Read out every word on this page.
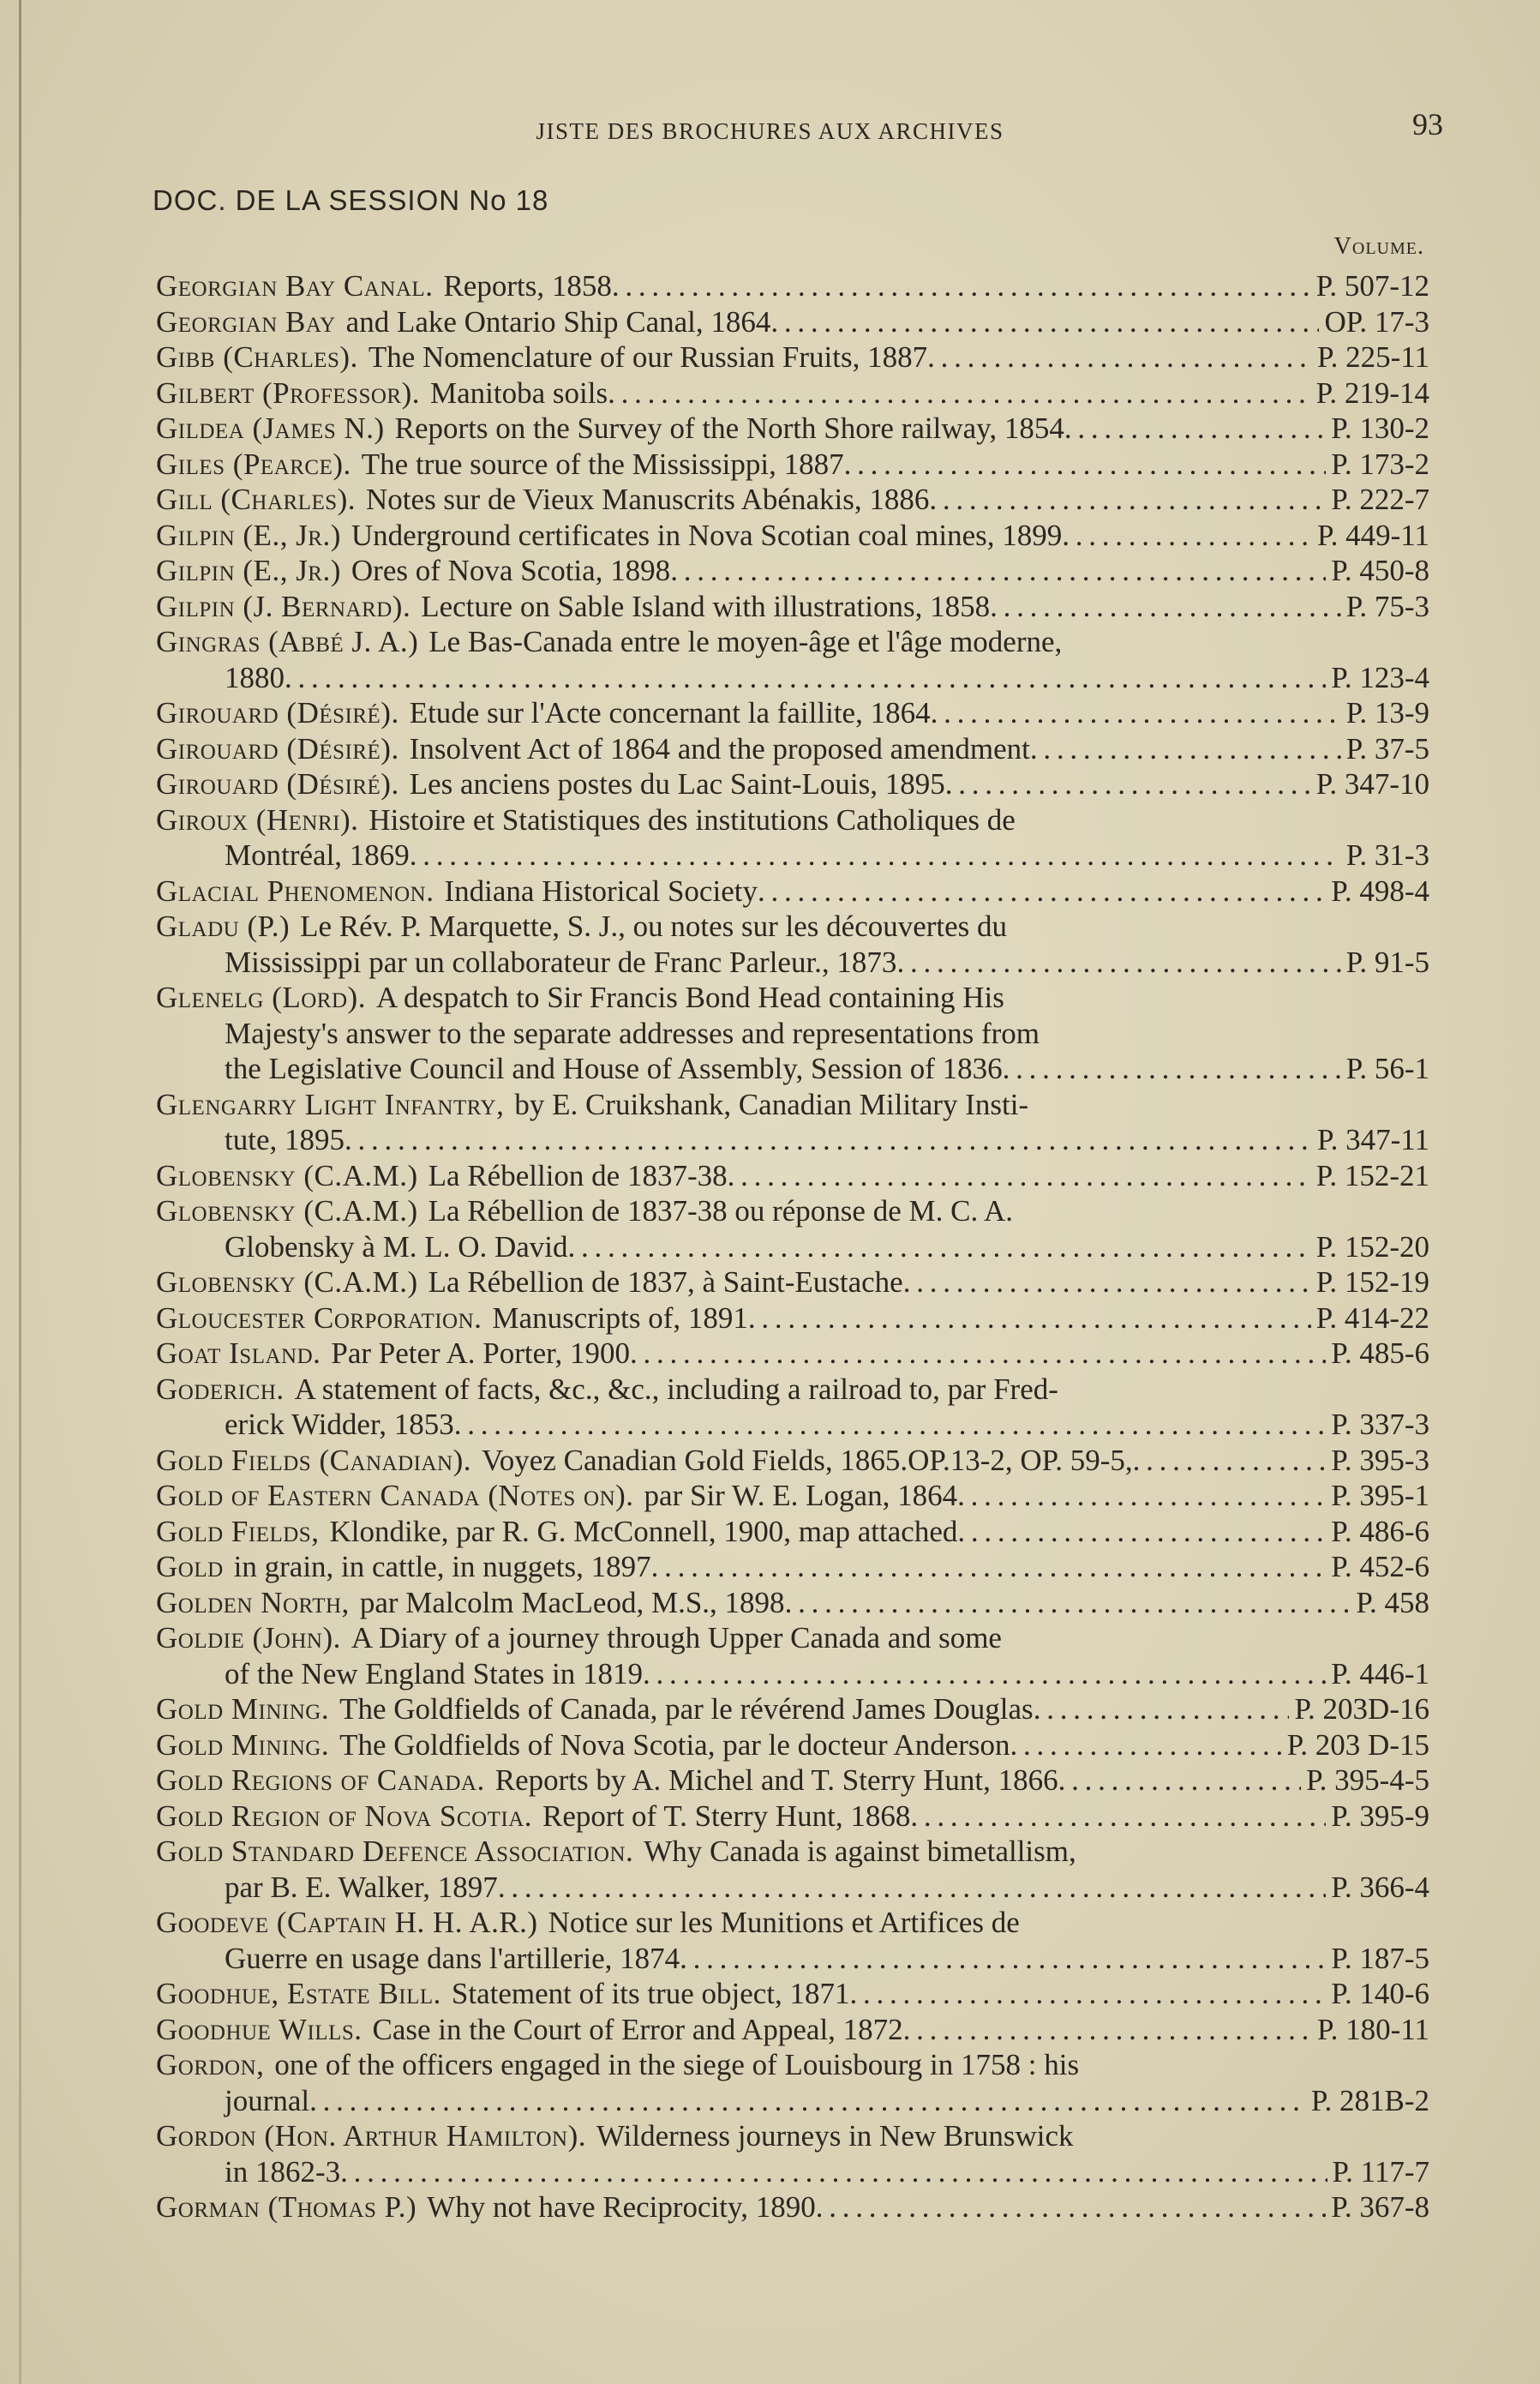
JISTE DES BROCHURES AUX ARCHIVES	93
DOC. DE LA SESSION No 18
Volume.
Georgian Bay Canal. Reports, 1858 . . .	P. 507-12
Georgian Bay and Lake Ontario Ship Canal, 1864 . . .	OP. 17-3
Gibb (Charles). The Nomenclature of our Russian Fruits, 1887 . . .	P. 225-11
Gilbert (Professor). Manitoba soils . . .	P. 219-14
Gildea (James N.) Reports on the Survey of the North Shore railway, 1854 . . .	P. 130-2
Giles (Pearce). The true source of the Mississippi, 1887 . . .	P. 173-2
Gill (Charles). Notes sur de Vieux Manuscrits Abénakis, 1886 . . .	P. 222-7
Gilpin (E., Jr.) Underground certificates in Nova Scotian coal mines, 1899 . . .	P. 449-11
Gilpin (E., Jr.) Ores of Nova Scotia, 1898 . . .	P. 450-8
Gilpin (J. Bernard). Lecture on Sable Island with illustrations, 1858 . . .	P. 75-3
Gingras (Abbé J. A.) Le Bas-Canada entre le moyen-âge et l'âge moderne,
1880 . . .	P. 123-4
Girouard (Désiré). Etude sur l'Acte concernant la faillite, 1864 . . .	P. 13-9
Girouard (Désiré). Insolvent Act of 1864 and the proposed amendment . . .	P. 37-5
Girouard (Désiré). Les anciens postes du Lac Saint-Louis, 1895 . . .	P. 347-10
Giroux (Henri). Histoire et Statistiques des institutions Catholiques de
Montréal, 1869 . . .	P. 31-3
Glacial Phenomenon. Indiana Historical Society . . .	P. 498-4
Gladu (P.) Le Rév. P. Marquette, S. J., ou notes sur les découvertes du
Mississippi par un collaborateur de Franc Parleur., 1873 . . .	P. 91-5
Glenelg (Lord). A despatch to Sir Francis Bond Head containing His
Majesty's answer to the separate addresses and representations from
the Legislative Council and House of Assembly, Session of 1836 . . .	P. 56-1
Glengarry Light Infantry, by E. Cruikshank, Canadian Military Insti-
tute, 1895 . . .	P. 347-11
Globensky (C.A.M.) La Rébellion de 1837-38 . . .	P. 152-21
Globensky (C.A.M.) La Rébellion de 1837-38 ou réponse de M. C. A.
Globensky à M. L. O. David . . .	P. 152-20
Globensky (C.A.M.) La Rébellion de 1837, à Saint-Eustache . . .	P. 152-19
Gloucester Corporation. Manuscripts of, 1891 . . .	P. 414-22
Goat Island. Par Peter A. Porter, 1900 . . .	P. 485-6
Goderich. A statement of facts, &c., &c., including a railroad to, par Fred-
erick Widder, 1853 . . .	P. 337-3
Gold Fields (Canadian). Voyez Canadian Gold Fields, 1865.OP.13-2, OP. 59-5, . . .	P. 395-3
Gold of Eastern Canada (Notes on). par Sir W. E. Logan, 1864 . . .	P. 395-1
Gold Fields, Klondike, par R. G. McConnell, 1900, map attached . . .	P. 486-6
Gold in grain, in cattle, in nuggets, 1897 . . .	P. 452-6
Golden North, par Malcolm MacLeod, M.S., 1898 . . .	P. 458
Goldie (John). A Diary of a journey through Upper Canada and some
of the New England States in 1819 . . .	P. 446-1
Gold Mining. The Goldfields of Canada, par le révérend James Douglas . . .	P. 203D-16
Gold Mining. The Goldfields of Nova Scotia, par le docteur Anderson . . .	P. 203 D-15
Gold Regions of Canada. Reports by A. Michel and T. Sterry Hunt, 1866 . . .	P. 395-4-5
Gold Region of Nova Scotia. Report of T. Sterry Hunt, 1868 . . .	P. 395-9
Gold Standard Defence Association. Why Canada is against bimetallism,
par B. E. Walker, 1897 . . .	P. 366-4
Goodeve (Captain H. H. A.R.) Notice sur les Munitions et Artifices de
Guerre en usage dans l'artillerie, 1874 . . .	P. 187-5
Goodhue, Estate Bill. Statement of its true object, 1871 . . .	P. 140-6
Goodhue Wills. Case in the Court of Error and Appeal, 1872 . . .	P. 180-11
Gordon, one of the officers engaged in the siege of Louisbourg in 1758 : his
journal . . .	P. 281B-2
Gordon (Hon. Arthur Hamilton). Wilderness journeys in New Brunswick
in 1862-3 . . .	P. 117-7
Gorman (Thomas P.) Why not have Reciprocity, 1890 . . .	P. 367-8
